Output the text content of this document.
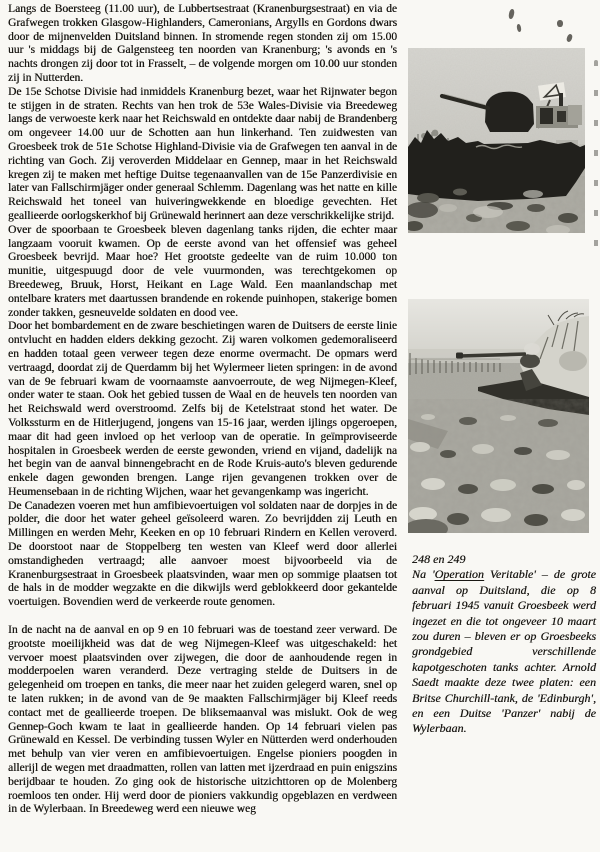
Langs de Boersteeg (11.00 uur), de Lubbertsestraat (Kranenburgsestraat) en via de Grafwegen trokken Glasgow-Highlanders, Cameronians, Argylls en Gordons dwars door de mijnenvelden Duitsland binnen. In stromende regen stonden zij om 15.00 uur 's middags bij de Galgensteeg ten noorden van Kranenburg; 's avonds en 's nachts drongen zij door tot in Frasselt, – de volgende morgen om 10.00 uur stonden zij in Nutterden.

De 15e Schotse Divisie had inmiddels Kranenburg bezet, waar het Rijnwater begon te stijgen in de straten. Rechts van hen trok de 53e Wales-Divisie via Breedeweg langs de verwoeste kerk naar het Reichswald en ontdekte daar nabij de Brandenberg om ongeveer 14.00 uur de Schotten aan hun linkerhand. Ten zuidwesten van Groesbeek trok de 51e Schotse Highland-Divisie via de Grafwegen ten aanval in de richting van Goch. Zij veroverden Middelaar en Gennep, maar in het Reichswald kregen zij te maken met heftige Duitse tegenaanvallen van de 15e Panzerdivisie en later van Fallschirmjäger onder generaal Schlemm. Dagenlang was het natte en kille Reichswald het toneel van huiveringwekkende en bloedige gevechten. Het geallieerde oorlogskerkhof bij Grünewald herinnert aan deze verschrikkelijke strijd.

Over de spoorbaan te Groesbeek bleven dagenlang tanks rijden, die echter maar langzaam vooruit kwamen. Op de eerste avond van het offensief was geheel Groesbeek bevrijd. Maar hoe? Het grootste gedeelte van de ruim 10.000 ton munitie, uitgespuugd door de vele vuurmonden, was terechtgekomen op Breedeweg, Bruuk, Horst, Heikant en Lage Wald. Een maanlandschap met ontelbare kraters met daartussen brandende en rokende puinhopen, stakerige bomen zonder takken, gesneuvelde soldaten en dood vee.

Door het bombardement en de zware beschietingen waren de Duitsers de eerste linie ontvlucht en hadden elders dekking gezocht. Zij waren volkomen gedemoraliseerd en hadden totaal geen verweer tegen deze enorme overmacht. De opmars werd vertraagd, doordat zij de Querdamm bij het Wylermeer lieten springen: in de avond van de 9e februari kwam de voornaamste aanvoerroute, de weg Nijmegen-Kleef, onder water te staan. Ook het gebied tussen de Waal en de heuvels ten noorden van het Reichswald werd overstroomd. Zelfs bij de Ketelstraat stond het water. De Volkssturm en de Hitlerjugend, jongens van 15-16 jaar, werden ijlings opgeroepen, maar dit had geen invloed op het verloop van de operatie. In geïmproviseerde hospitalen in Groesbeek werden de eerste gewonden, vriend en vijand, dadelijk na het begin van de aanval binnengebracht en de Rode Kruis-auto's bleven gedurende enkele dagen gewonden brengen. Lange rijen gevangenen trokken over de Heumensebaan in de richting Wijchen, waar het gevangenkamp was ingericht.

De Canadezen voeren met hun amfibievoertuigen vol soldaten naar de dorpjes in de polder, die door het water geheel geïsoleerd waren. Zo bevrijdden zij Leuth en Millingen en werden Mehr, Keeken en op 10 februari Rindern en Kellen veroverd. De doorstoot naar de Stoppelberg ten westen van Kleef werd door allerlei omstandigheden vertraagd; alle aanvoer moest bijvoorbeeld via de Kranenburgsestraat in Groesbeek plaatsvinden, waar men op sommige plaatsen tot de hals in de modder wegzakte en die dikwijls werd geblokkeerd door gekantelde voertuigen. Bovendien werd de verkeerde route genomen.

In de nacht na de aanval en op 9 en 10 februari was de toestand zeer verward. De grootste moeilijkheid was dat de weg Nijmegen-Kleef was uitgeschakeld: het vervoer moest plaatsvinden over zijwegen, die door de aanhoudende regen in modderpoelen waren veranderd. Deze vertraging stelde de Duitsers in de gelegenheid om troepen en tanks, die meer naar het zuiden gelegerd waren, snel op te laten rukken; in de avond van de 9e maakten Fallschirmjäger bij Kleef reeds contact met de geallieerde troepen. De bliksemaanval was mislukt. Ook de weg Gennep-Goch kwam te laat in geallieerde handen. Op 14 februari vielen pas Grünewald en Kessel. De verbinding tussen Wyler en Nütterden werd onderhouden met behulp van vier veren en amfibievoertuigen. Engelse pioniers poogden in allerijl de wegen met draadmatten, rollen van latten met ijzerdraad en puin enigszins berijdbaar te houden. Zo ging ook de historische uitzichttoren op de Molenberg roemloos ten onder. Hij werd door de pioniers vakkundig opgeblazen en verdween in de Wylerbaan. In Breedeweg werd een nieuwe weg

248 en 249
Na 'Operation Veritable' – de grote aanval op Duitsland, die op 8 februari 1945 vanuit Groesbeek werd ingezet en die tot ongeveer 10 maart zou duren – bleven er op Groesbeeks grondgebied verschillende kapotgeschoten tanks achter. Arnold Saedt maakte deze twee platen: een Britse Churchill-tank, de 'Edinburgh', en een Duitse 'Panzer' nabij de Wylerbaan.
